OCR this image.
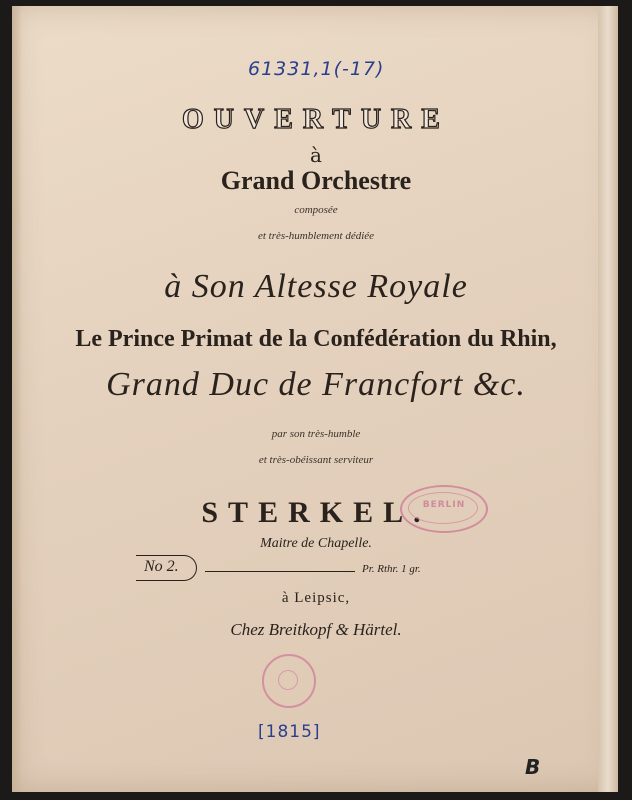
61331,1(-17)
OUVERTURE
à
Grand Orchestre
composée
et très-humblement dédiée
à Son Altesse Royale
Le Prince Primat de la Confédération du Rhin,
Grand Duc de Francfort &c.
par son très-humble
et très-obéissant serviteur
STERKEL.
Maitre de Chapelle.
No 2.	Pr. Rthr. 1 gr.
à Leipsic,
Chez Breitkopf & Härtel.
BERLIN
[1815]
B
